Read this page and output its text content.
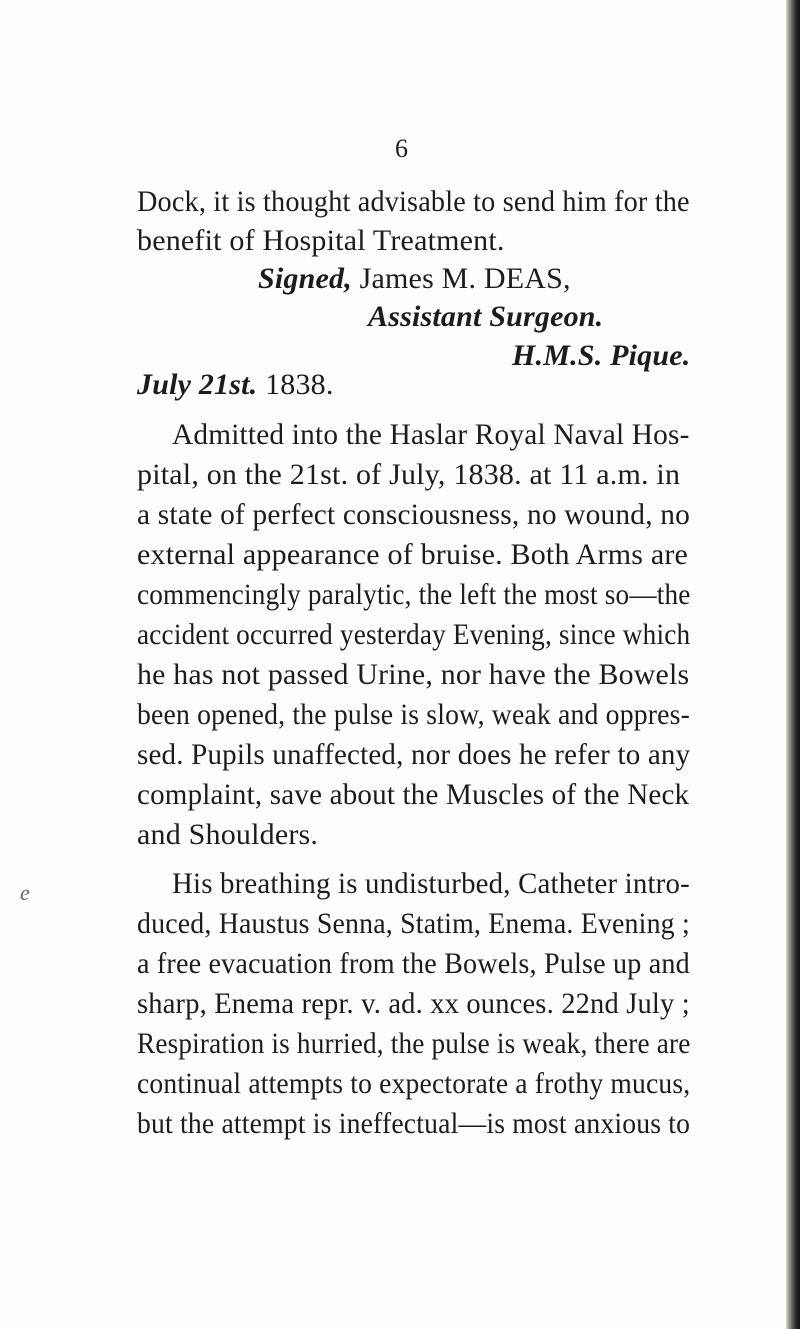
6
Dock, it is thought advisable to send him for the
benefit of Hospital Treatment.
Signed, James M. DEAS,
Assistant Surgeon.
H.M.S. Pique.
July 21st. 1838.
Admitted into the Haslar Royal Naval Hos-
pital, on the 21st. of July, 1838. at 11 a.m. in
a state of perfect consciousness, no wound, no
external appearance of bruise. Both Arms are
commencingly paralytic, the left the most so—the
accident occurred yesterday Evening, since which
he has not passed Urine, nor have the Bowels
been opened, the pulse is slow, weak and oppres-
sed. Pupils unaffected, nor does he refer to any
complaint, save about the Muscles of the Neck
and Shoulders.
His breathing is undisturbed, Catheter intro-
duced, Haustus Senna, Statim, Enema. Evening ;
a free evacuation from the Bowels, Pulse up and
sharp, Enema repr. v. ad. xx ounces. 22nd July ;
Respiration is hurried, the pulse is weak, there are
continual attempts to expectorate a frothy mucus,
but the attempt is ineffectual—is most anxious to
e
